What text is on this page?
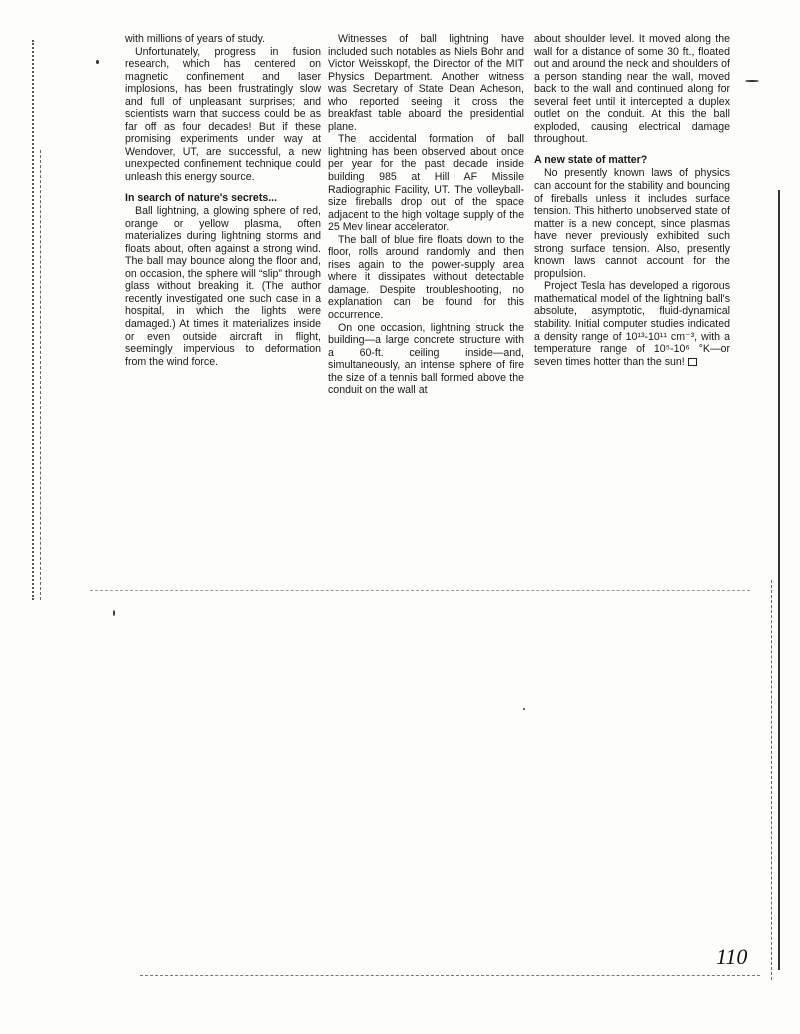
with millions of years of study.

Unfortunately, progress in fusion research, which has centered on magnetic confinement and laser implosions, has been frustratingly slow and full of unpleasant surprises; and scientists warn that success could be as far off as four decades! But if these promising experiments under way at Wendover, UT, are successful, a new unexpected confinement technique could unleash this energy source.

In search of nature's secrets...

Ball lightning, a glowing sphere of red, orange or yellow plasma, often materializes during lightning storms and floats about, often against a strong wind. The ball may bounce along the floor and, on occasion, the sphere will “slip” through glass without breaking it. (The author recently investigated one such case in a hospital, in which the lights were damaged.) At times it materializes inside or even outside aircraft in flight, seemingly impervious to deformation from the wind force.

Witnesses of ball lightning have included such notables as Niels Bohr and Victor Weisskopf, the Director of the MIT Physics Department. Another witness was Secretary of State Dean Acheson, who reported seeing it cross the breakfast table aboard the presidential plane.

The accidental formation of ball lightning has been observed about once per year for the past decade inside building 985 at Hill AF Missile Radiographic Facility, UT. The volleyball-size fireballs drop out of the space adjacent to the high voltage supply of the 25 Mev linear accelerator.

The ball of blue fire floats down to the floor, rolls around randomly and then rises again to the power-supply area where it dissipates without detectable damage. Despite troubleshooting, no explanation can be found for this occurrence.

On one occasion, lightning struck the building—a large concrete structure with a 60-ft. ceiling inside—and, simultaneously, an intense sphere of fire the size of a tennis ball formed above the conduit on the wall at

about shoulder level. It moved along the wall for a distance of some 30 ft., floated out and around the neck and shoulders of a person standing near the wall, moved back to the wall and continued along for several feet until it intercepted a duplex outlet on the conduit. At this the ball exploded, causing electrical damage throughout.

A new state of matter?

No presently known laws of physics can account for the stability and bouncing of fireballs unless it includes surface tension. This hitherto unobserved state of matter is a new concept, since plasmas have never previously exhibited such strong surface tension. Also, presently known laws cannot account for the propulsion.

Project Tesla has developed a rigorous mathematical model of the lightning ball's absolute, asymptotic, fluid-dynamical stability. Initial computer studies indicated a density range of 10¹³-10¹¹ cm⁻³, with a temperature range of 10⁵-10⁶ °K—or seven times hotter than the sun!

110
